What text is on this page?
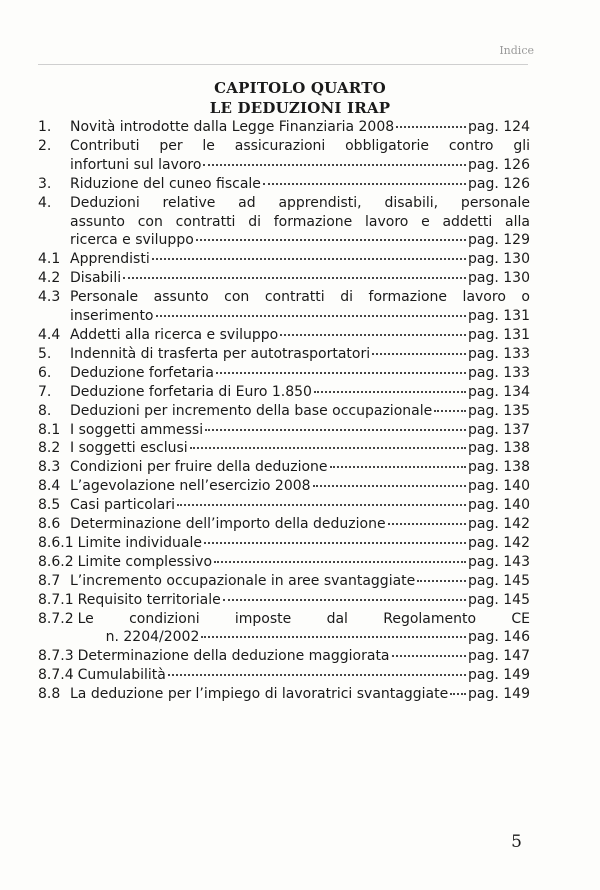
Indice
CAPITOLO QUARTO
LE DEDUZIONI IRAP
1.	Novità introdotte dalla Legge Finanziaria 2008	pag. 124
2.	Contributi per le assicurazioni obbligatorie contro gli
infortuni sul lavoro	pag. 126
3.	Riduzione del cuneo fiscale	pag. 126
4.	Deduzioni relative ad apprendisti, disabili, personale
assunto con contratti di formazione lavoro e addetti alla
ricerca e sviluppo	pag. 129
4.1 Apprendisti	pag. 130
4.2 Disabili	pag. 130
4.3 Personale assunto con contratti di formazione lavoro o
inserimento	pag. 131
4.4 Addetti alla ricerca e sviluppo	pag. 131
5.	Indennità di trasferta per autotrasportatori	pag. 133
6.	Deduzione forfetaria	pag. 133
7.	Deduzione forfetaria di Euro 1.850	pag. 134
8.	Deduzioni per incremento della base occupazionale	pag. 135
8.1 I soggetti ammessi	pag. 137
8.2 I soggetti esclusi	pag. 138
8.3 Condizioni per fruire della deduzione	pag. 138
8.4 L’agevolazione nell’esercizio 2008	pag. 140
8.5 Casi particolari	pag. 140
8.6 Determinazione dell’importo della deduzione	pag. 142
8.6.1 Limite individuale	pag. 142
8.6.2 Limite complessivo	pag. 143
8.7 L’incremento occupazionale in aree svantaggiate	pag. 145
8.7.1 Requisito territoriale	pag. 145
8.7.2 Le condizioni imposte dal Regolamento CE
n. 2204/2002	pag. 146
8.7.3 Determinazione della deduzione maggiorata	pag. 147
8.7.4 Cumulabilità	pag. 149
8.8 La deduzione per l’impiego di lavoratrici svantaggiate pag. 149
5
